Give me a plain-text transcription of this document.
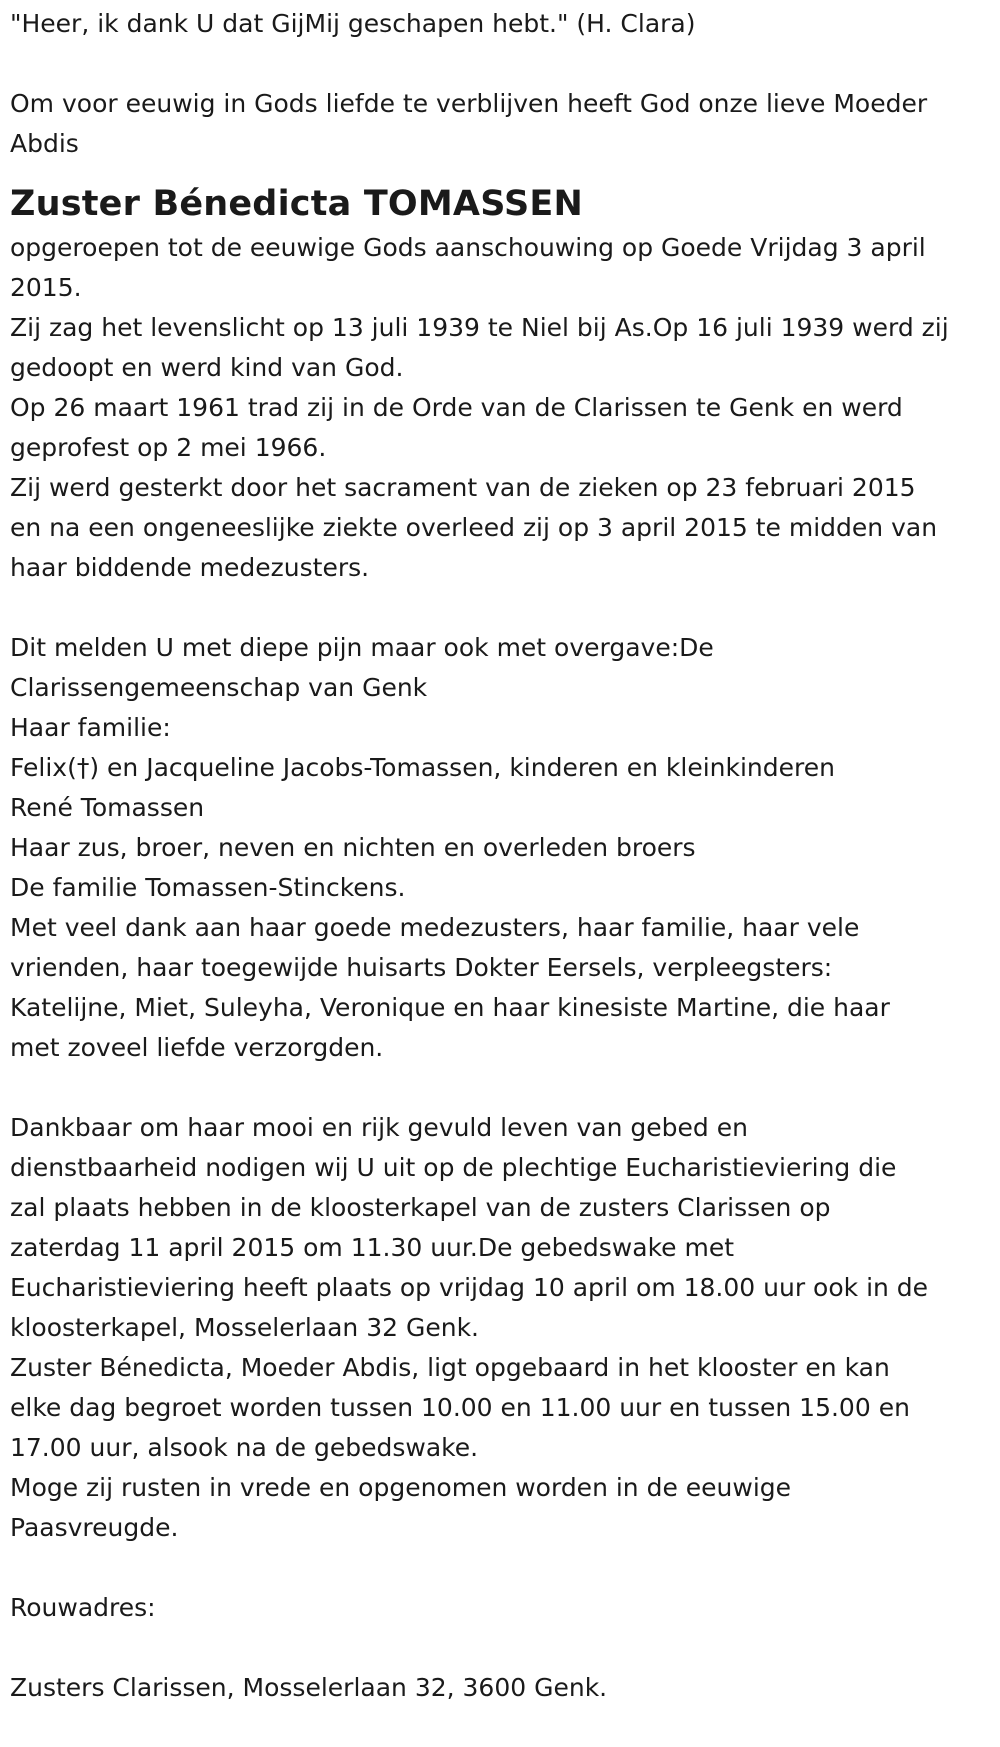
"Heer, ik dank U dat GijMij geschapen hebt." (H. Clara)
Om voor eeuwig in Gods liefde te verblijven heeft God onze lieve Moeder
Abdis
Zuster Bénedicta TOMASSEN
opgeroepen tot de eeuwige Gods aanschouwing op Goede Vrijdag 3 april
2015.
Zij zag het levenslicht op 13 juli 1939 te Niel bij As.Op 16 juli 1939 werd zij
gedoopt en werd kind van God.
Op 26 maart 1961 trad zij in de Orde van de Clarissen te Genk en werd
geprofest op 2 mei 1966.
Zij werd gesterkt door het sacrament van de zieken op 23 februari 2015
en na een ongeneeslijke ziekte overleed zij op 3 april 2015 te midden van
haar biddende medezusters.
Dit melden U met diepe pijn maar ook met overgave:De
Clarissengemeenschap van Genk
Haar familie:
Felix(†) en Jacqueline Jacobs-Tomassen, kinderen en kleinkinderen
René Tomassen
Haar zus, broer, neven en nichten en overleden broers
De familie Tomassen-Stinckens.
Met veel dank aan haar goede medezusters, haar familie, haar vele
vrienden, haar toegewijde huisarts Dokter Eersels, verpleegsters:
Katelijne, Miet, Suleyha, Veronique en haar kinesiste Martine, die haar
met zoveel liefde verzorgden.
Dankbaar om haar mooi en rijk gevuld leven van gebed en
dienstbaarheid nodigen wij U uit op de plechtige Eucharistieviering die
zal plaats hebben in de kloosterkapel van de zusters Clarissen op
zaterdag 11 april 2015 om 11.30 uur.De gebedswake met
Eucharistieviering heeft plaats op vrijdag 10 april om 18.00 uur ook in de
kloosterkapel, Mosselerlaan 32 Genk.
Zuster Bénedicta, Moeder Abdis, ligt opgebaard in het klooster en kan
elke dag begroet worden tussen 10.00 en 11.00 uur en tussen 15.00 en
17.00 uur, alsook na de gebedswake.
Moge zij rusten in vrede en opgenomen worden in de eeuwige
Paasvreugde.
Rouwadres:
Zusters Clarissen, Mosselerlaan 32, 3600 Genk.
